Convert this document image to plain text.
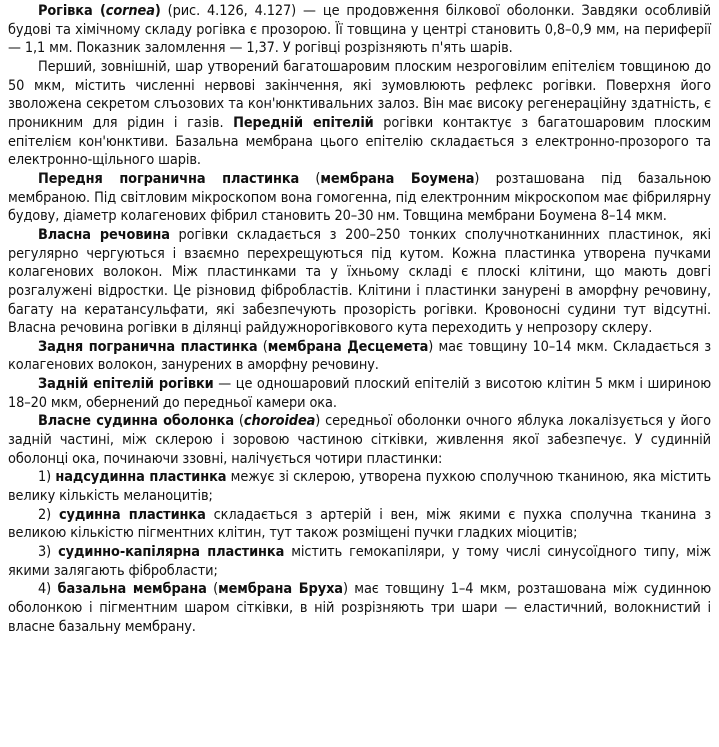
Рогівка (cornea) (рис. 4.126, 4.127) — це продовження білкової оболонки. Завдяки особливій будові та хімічному складу рогівка є прозорою. Її товщина у центрі становить 0,8–0,9 мм, на периферії — 1,1 мм. Показник заломлення — 1,37. У рогівці розрізняють п'ять шарів.

Перший, зовнішній, шар утворений багатошаровим плоским незроговілим епітелієм товщиною до 50 мкм, містить численні нервові закінчення, які зумовлюють рефлекс рогівки. Поверхня його зволожена секретом слъозових та кон'юнктивальних залоз. Він має високу регенераційну здатність, є проникним для рідин і газів. Передній епітелій рогівки контактує з багатошаровим плоским епітелієм кон'юнктиви. Базальна мембрана цього епітелію складається з електронно-прозорого та електронно-щільного шарів.

Передня погранична пластинка (мембрана Боумена) розташована під базальною мембраною. Під світловим мікроскопом вона гомогенна, під електронним мікроскопом має фібрилярну будову, діаметр колагенових фібрил становить 20–30 нм. Товщина мембрани Боумена 8–14 мкм.

Власна речовина рогівки складається з 200–250 тонких сполучнотканинних пластинок, які регулярно чергуються і взаємно перехрещуються під кутом. Кожна пластинка утворена пучками колагенових волокон. Між пластинками та у їхньому складі є плоскі клітини, що мають довгі розгалужені відростки. Це різновид фібробластів. Клітини і пластинки занурені в аморфну речовину, багату на кератансульфати, які забезпечують прозорість рогівки. Кровоносні судини тут відсутні. Власна речовина рогівки в ділянці райдужнорогівкового кута переходить у непрозору склеру.

Задня погранична пластинка (мембрана Десцемета) має товщину 10–14 мкм. Складається з колагенових волокон, занурених в аморфну речовину.

Задній епітелій рогівки — це одношаровий плоский епітелій з висотою клітин 5 мкм і шириною 18–20 мкм, обернений до передньої камери ока.

Власне судинна оболонка (choroidea) середньої оболонки очного яблука локалізується у його задній частині, між склерою і зоровою частиною сітківки, живлення якої забезпечує. У судинній оболонці ока, починаючи ззовні, налічується чотири пластинки:

1) надсудинна пластинка межує зі склерою, утворена пухкою сполучною тканиною, яка містить велику кількість меланоцитів;

2) судинна пластинка складається з артерій і вен, між якими є пухка сполучна тканина з великою кількістю пігментних клітин, тут також розміщені пучки гладких міоцитів;

3) судинно-капілярна пластинка містить гемокапіляри, у тому числі синусоїдного типу, між якими залягають фібробласти;

4) базальна мембрана (мембрана Бруха) має товщину 1–4 мкм, розташована між судинною оболонкою і пігментним шаром сітківки, в ній розрізняють три шари — еластичний, волокнистий і власне базальну мембрану.
